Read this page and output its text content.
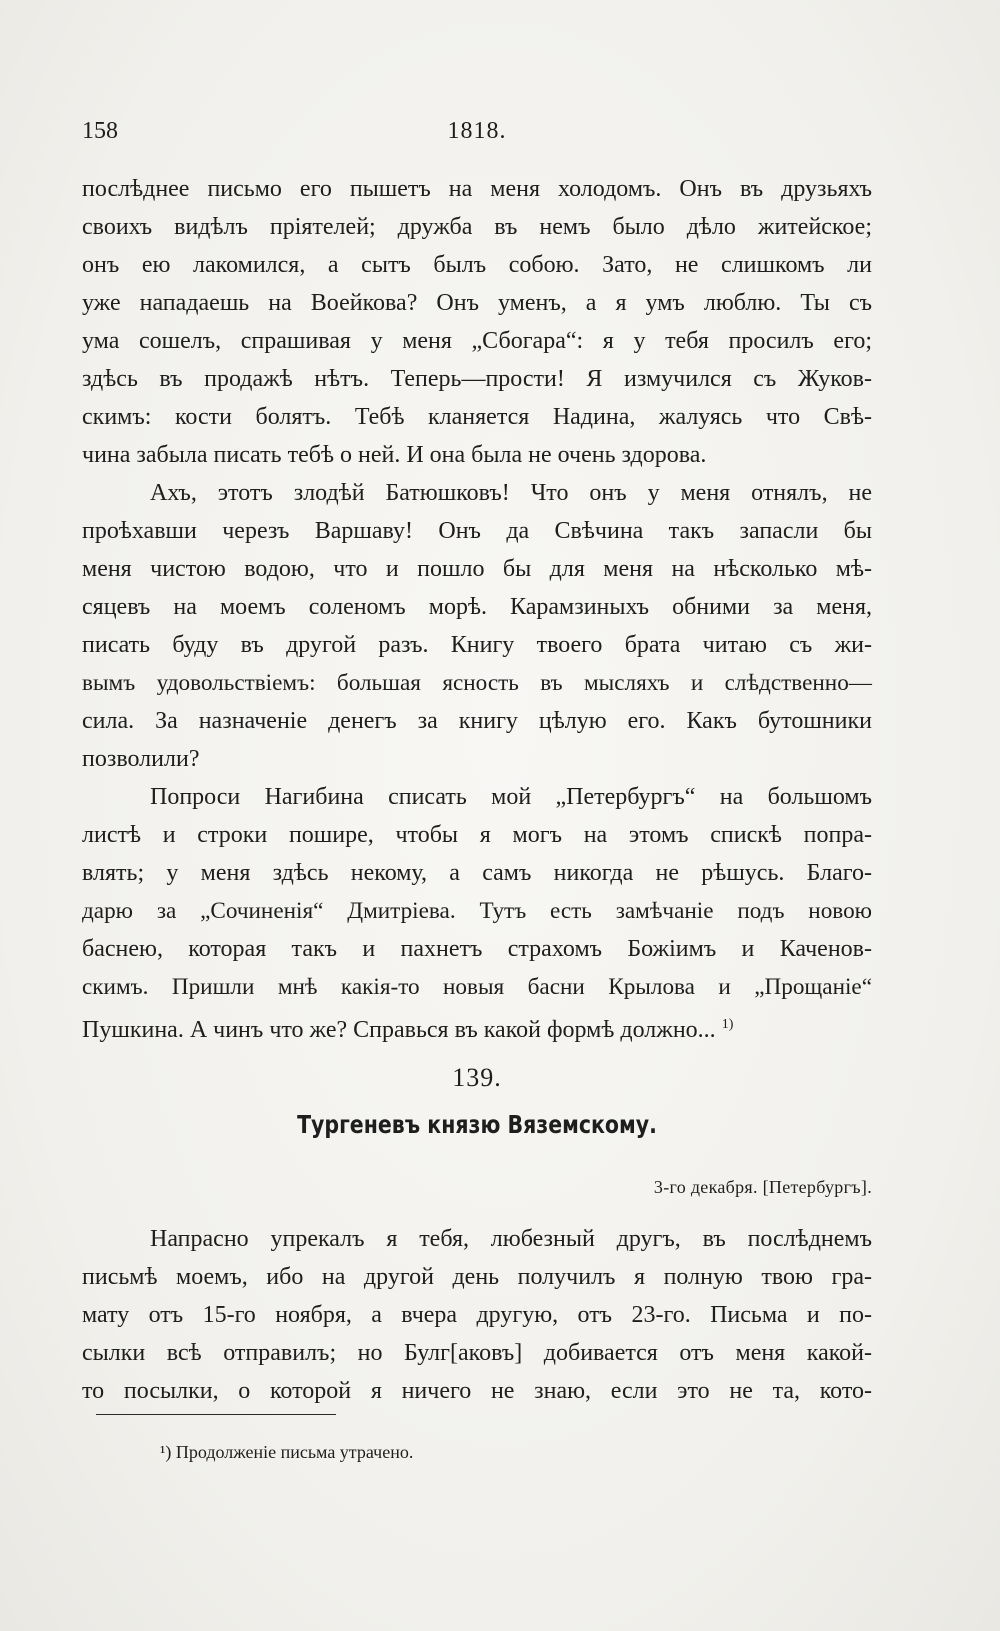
158	1818.
послѣднее письмо его пышетъ на меня холодомъ. Онъ въ друзьяхъ
своихъ видѣлъ пріятелей; дружба въ немъ было дѣло житейское;
онъ ею лакомился, а сытъ былъ собою. Зато, не слишкомъ ли
уже нападаешь на Воейкова? Онъ уменъ, а я умъ люблю. Ты съ
ума сошелъ, спрашивая у меня „Сбогара“: я у тебя просилъ его;
здѣсь въ продажѣ нѣтъ. Теперь—прости! Я измучился съ Жуков-
скимъ: кости болятъ. Тебѣ кланяется Надина, жалуясь что Свѣ-
чина забыла писать тебѣ о ней. И она была не очень здорова.
Ахъ, этотъ злодѣй Батюшковъ! Что онъ у меня отнялъ, не
проѣхавши черезъ Варшаву! Онъ да Свѣчина такъ запасли бы
меня чистою водою, что и пошло бы для меня на нѣсколько мѣ-
сяцевъ на моемъ соленомъ морѣ. Карамзиныхъ обними за меня,
писать буду въ другой разъ. Книгу твоего брата читаю съ жи-
вымъ удовольствіемъ: большая ясность въ мысляхъ и слѣдственно—
сила. За назначеніе денегъ за книгу цѣлую его. Какъ бутошники
позволили?
Попроси Нагибина списать мой „Петербургъ“ на большомъ
листѣ и строки пошире, чтобы я могъ на этомъ спискѣ попра-
влять; у меня здѣсь некому, а самъ никогда не рѣшусь. Благо-
дарю за „Сочиненія“ Дмитріева. Тутъ есть замѣчаніе подъ новою
баснею, которая такъ и пахнетъ страхомъ Божіимъ и Каченов-
скимъ. Пришли мнѣ какія-то новыя басни Крылова и „Прощаніе“
Пушкина. А чинъ что же? Справься въ какой формѣ должно... $^{1)}$
139.
Тургеневъ князю Вяземскому.
3-го декабря. [Петербургъ].
Напрасно упрекалъ я тебя, любезный другъ, въ послѣднемъ
письмѣ моемъ, ибо на другой день получилъ я полную твою гра-
мату отъ 15-го ноября, а вчера другую, отъ 23-го. Письма и по-
сылки всѣ отправилъ; но Булг[аковъ] добивается отъ меня какой-
то посылки, о которой я ничего не знаю, если это не та, кото-
¹) Продолженіе письма утрачено.
